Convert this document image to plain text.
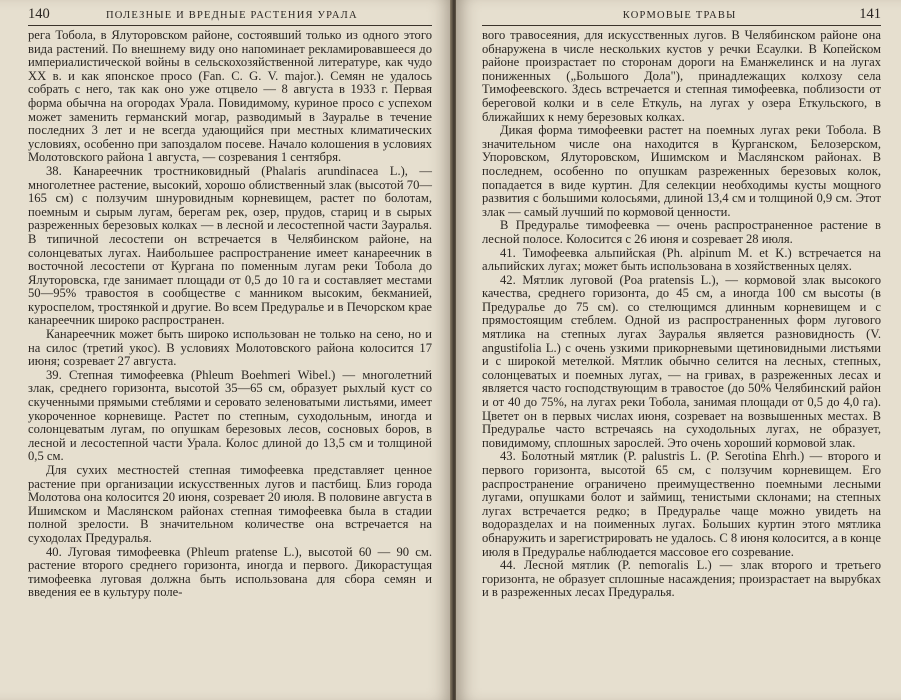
140	ПОЛЕЗНЫЕ И ВРЕДНЫЕ РАСТЕНИЯ УРАЛА

рега Тобола, в Ялуторовском районе, состоявший только из одного этого вида растений. По внешнему виду оно напоминает рекламировавшееся до империалистической войны в сельскохозяйственной литературе, как чудо XX в. и как японское просо (Fan. C. G. V. major.). Семян не удалось собрать с него, так как оно уже отцвело — 8 августа в 1933 г. Первая форма обычна на огородах Урала. Повидимому, куриное просо с успехом может заменить германский могар, разводимый в Зауралье в течение последних 3 лет и не всегда удающийся при местных климатических условиях, особенно при запоздалом посеве. Начало колошения в условиях Молотовского района 1 августа, — созревания 1 сентября.

38. Канареечник тростниковидный (Phalaris arundinacea L.), — многолетнее растение, высокий, хорошо облиственный злак (высотой 70—165 см) с ползучим шнуровидным корневищем, растет по болотам, поемным и сырым лугам, берегам рек, озер, прудов, стариц и в сырых разреженных березовых колках — в лесной и лесостепной части Зауралья. В типичной лесостепи он встречается в Челябинском районе, на солонцеватых лугах. Наибольшее распространение имеет канареечник в восточной лесостепи от Кургана по поменным лугам реки Тобола до Ялуторовска, где занимает площади от 0,5 до 10 га и составляет местами 50—95% травостоя в сообществе с манником высоким, бекманией, куроспелом, тростянкой и другие. Во всем Предуралье и в Печорском крае канареечник широко распространен.

Канареечник может быть широко использован не только на сено, но и на силос (третий укос). В условиях Молотовского района колосится 17 июня; созревает 27 августа.

39. Степная тимофеевка (Phleum Boehmeri Wibel.) — многолетний злак, среднего горизонта, высотой 35—65 см, образует рыхлый куст со скученными прямыми стеблями и серовато зеленоватыми листьями, имеет укороченное корневище. Растет по степным, суходольным, иногда и солонцеватым лугам, по опушкам березовых лесов, сосновых боров, в лесной и лесостепной части Урала. Колос длиной до 13,5 см и толщиной 0,5 см.

Для сухих местностей степная тимофеевка представляет ценное растение при организации искусственных лугов и пастбищ. Близ города Молотова она колосится 20 июня, созревает 20 июля. В половине августа в Ишимском и Маслянском районах степная тимофеевка была в стадии полной зрелости. В значительном количестве она встречается на суходолах Предуралья.

40. Луговая тимофеевка (Phleum pratense L.), высотой 60 — 90 см. растение второго среднего горизонта, иногда и первого. Дикорастущая тимофеевка луговая должна быть использована для сбора семян и введения ее в культуру поле-

КОРМОВЫЕ ТРАВЫ	141

вого травосеяния, для искусственных лугов. В Челябинском районе она обнаружена в числе нескольких кустов у речки Есаулки. В Копейском районе произрастает по сторонам дороги на Еманжелинск и на лугах пониженных („Большого Дола"), принадлежащих колхозу села Тимофеевского. Здесь встречается и степная тимофеевка, поблизости от береговой колки и в селе Еткуль, на лугах у озера Еткульского, в ближайших к нему березовых колках.

Дикая форма тимофеевки растет на поемных лугах реки Тобола. В значительном числе она находится в Курганском, Белозерском, Упоровском, Ялуторовском, Ишимском и Маслянском районах. В последнем, особенно по опушкам разреженных березовых колок, попадается в виде куртин. Для селекции необходимы кусты мощного развития с большими колосьями, длиной 13,4 см и толщиной 0,9 см. Этот злак — самый лучший по кормовой ценности.

В Предуралье тимофеевка — очень распространенное растение в лесной полосе. Колосится с 26 июня и созревает 28 июля.

41. Тимофеевка альпийская (Ph. alpinum M. et K.) встречается на альпийских лугах; может быть использована в хозяйственных целях.

42. Мятлик луговой (Poa pratensis L.), — кормовой злак высокого качества, среднего горизонта, до 45 см, а иногда 100 см высоты (в Предуралье до 75 см). со стелющимся длинным корневищем и с прямостоящим стеблем. Одной из распространенных форм лугового мятлика на степных лугах Зауралья является разновидность (V. angustifolia L.) с очень узкими прикорневыми щетиновидными листьями и с широкой метелкой. Мятлик обычно селится на лесных, степных, солонцеватых и поемных лугах, — на гривах, в разреженных лесах и является часто господствующим в травостое (до 50% Челябинский район и от 40 до 75%, на лугах реки Тобола, занимая площади от 0,5 до 4,0 га). Цветет он в первых числах июня, созревает на возвышенных местах. В Предуралье часто встречаясь на суходольных лугах, не образует, повидимому, сплошных зарослей. Это очень хороший кормовой злак.

43. Болотный мятлик (P. palustris L. (P. Serotina Ehrh.) — второго и первого горизонта, высотой 65 см, с ползучим корневищем. Его распространение ограничено преимущественно поемными лесными лугами, опушками болот и займищ, тенистыми склонами; на степных лугах встречается редко; в Предуралье чаще можно увидеть на водоразделах и на поименных лугах. Больших куртин этого мятлика обнаружить и зарегистрировать не удалось. С 8 июня колосится, а в конце июля в Предуралье наблюдается массовое его созревание.

44. Лесной мятлик (P. nemoralis L.) — злак второго и третьего горизонта, не образует сплошные насаждения; произрастает на вырубках и в разреженных лесах Предуралья.
